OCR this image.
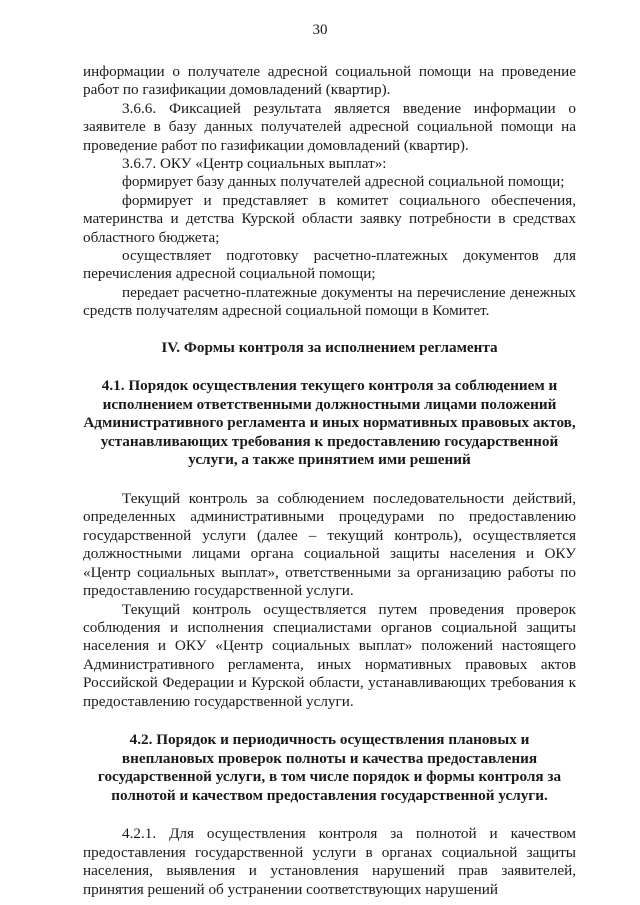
30

информации о получателе адресной социальной помощи на проведение работ по газификации домовладений (квартир).

3.6.6. Фиксацией результата является введение информации о заявителе в базу данных получателей адресной социальной помощи на проведение работ по газификации домовладений (квартир).

3.6.7. ОКУ «Центр социальных выплат»:

формирует базу данных получателей адресной социальной помощи;

формирует и представляет в комитет социального обеспечения, материнства и детства Курской области заявку потребности в средствах областного бюджета;

осуществляет подготовку расчетно-платежных документов для перечисления адресной социальной помощи;

передает расчетно-платежные документы на перечисление денежных средств получателям адресной социальной помощи в Комитет.

IV. Формы контроля за исполнением регламента

4.1. Порядок осуществления текущего контроля за соблюдением и исполнением ответственными должностными лицами положений Административного регламента и иных нормативных правовых актов, устанавливающих требования к предоставлению государственной услуги, а также принятием ими решений

Текущий контроль за соблюдением последовательности действий, определенных административными процедурами по предоставлению государственной услуги (далее – текущий контроль), осуществляется должностными лицами органа социальной защиты населения и ОКУ «Центр социальных выплат», ответственными за организацию работы по предоставлению государственной услуги.

Текущий контроль осуществляется путем проведения проверок соблюдения и исполнения специалистами органов социальной защиты населения и ОКУ «Центр социальных выплат» положений настоящего Административного регламента, иных нормативных правовых актов Российской Федерации и Курской области, устанавливающих требования к предоставлению государственной услуги.

4.2. Порядок и периодичность осуществления плановых и внеплановых проверок полноты и качества предоставления государственной услуги, в том числе порядок и формы контроля за полнотой и качеством предоставления государственной услуги.

4.2.1. Для осуществления контроля за полнотой и качеством предоставления государственной услуги в органах социальной защиты населения, выявления и установления нарушений прав заявителей, принятия решений об устранении соответствующих нарушений
